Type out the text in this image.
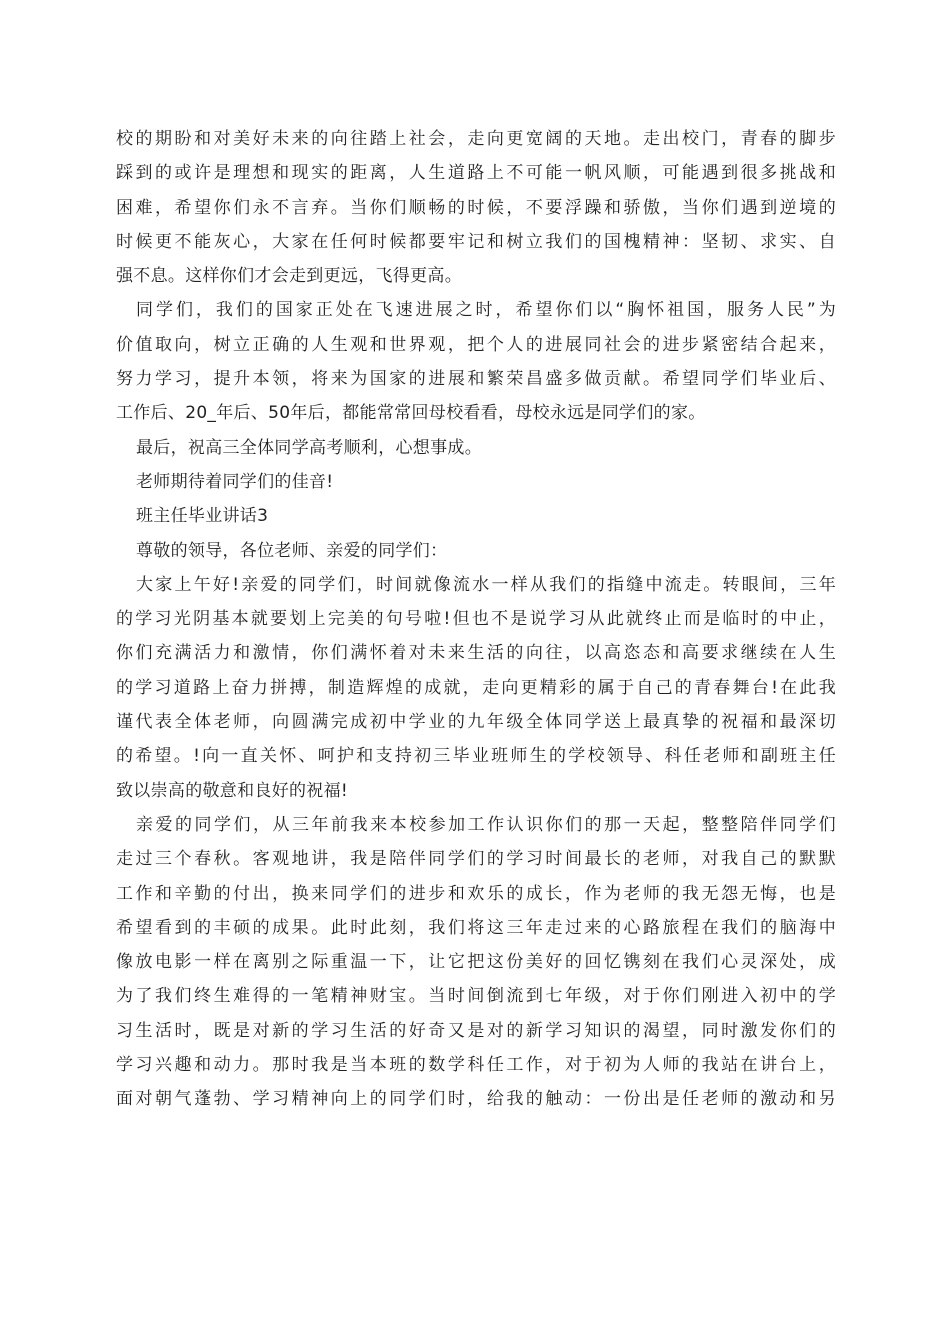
校的期盼和对美好未来的向往踏上社会，走向更宽阔的天地。走出校门，青春的脚步
踩到的或许是理想和现实的距离，人生道路上不可能一帆风顺，可能遇到很多挑战和
困难，希望你们永不言弃。当你们顺畅的时候，不要浮躁和骄傲，当你们遇到逆境的
时候更不能灰心，大家在任何时候都要牢记和树立我们的国槐精神：坚韧、求实、自
强不息。这样你们才会走到更远，飞得更高。
同学们，我们的国家正处在飞速进展之时，希望你们以“胸怀祖国，服务人民”为
价值取向，树立正确的人生观和世界观，把个人的进展同社会的进步紧密结合起来，
努力学习，提升本领，将来为国家的进展和繁荣昌盛多做贡献。希望同学们毕业后、
工作后、20_年后、50年后，都能常常回母校看看，母校永远是同学们的家。
最后，祝高三全体同学高考顺利，心想事成。
老师期待着同学们的佳音!
班主任毕业讲话3
尊敬的领导，各位老师、亲爱的同学们：
大家上午好!亲爱的同学们，时间就像流水一样从我们的指缝中流走。转眼间，三年
的学习光阴基本就要划上完美的句号啦!但也不是说学习从此就终止而是临时的中止，
你们充满活力和激情，你们满怀着对未来生活的向往，以高恣态和高要求继续在人生
的学习道路上奋力拼搏，制造辉煌的成就，走向更精彩的属于自己的青春舞台!在此我
谨代表全体老师，向圆满完成初中学业的九年级全体同学送上最真挚的祝福和最深切
的希望。!向一直关怀、呵护和支持初三毕业班师生的学校领导、科任老师和副班主任
致以崇高的敬意和良好的祝福!
亲爱的同学们，从三年前我来本校参加工作认识你们的那一天起，整整陪伴同学们
走过三个春秋。客观地讲，我是陪伴同学们的学习时间最长的老师，对我自己的默默
工作和辛勤的付出，换来同学们的进步和欢乐的成长，作为老师的我无怨无悔，也是
希望看到的丰硕的成果。此时此刻，我们将这三年走过来的心路旅程在我们的脑海中
像放电影一样在离别之际重温一下，让它把这份美好的回忆镌刻在我们心灵深处，成
为了我们终生难得的一笔精神财宝。当时间倒流到七年级，对于你们刚进入初中的学
习生活时，既是对新的学习生活的好奇又是对的新学习知识的渴望，同时激发你们的
学习兴趣和动力。那时我是当本班的数学科任工作，对于初为人师的我站在讲台上，
面对朝气蓬勃、学习精神向上的同学们时，给我的触动：一份出是任老师的激动和另
